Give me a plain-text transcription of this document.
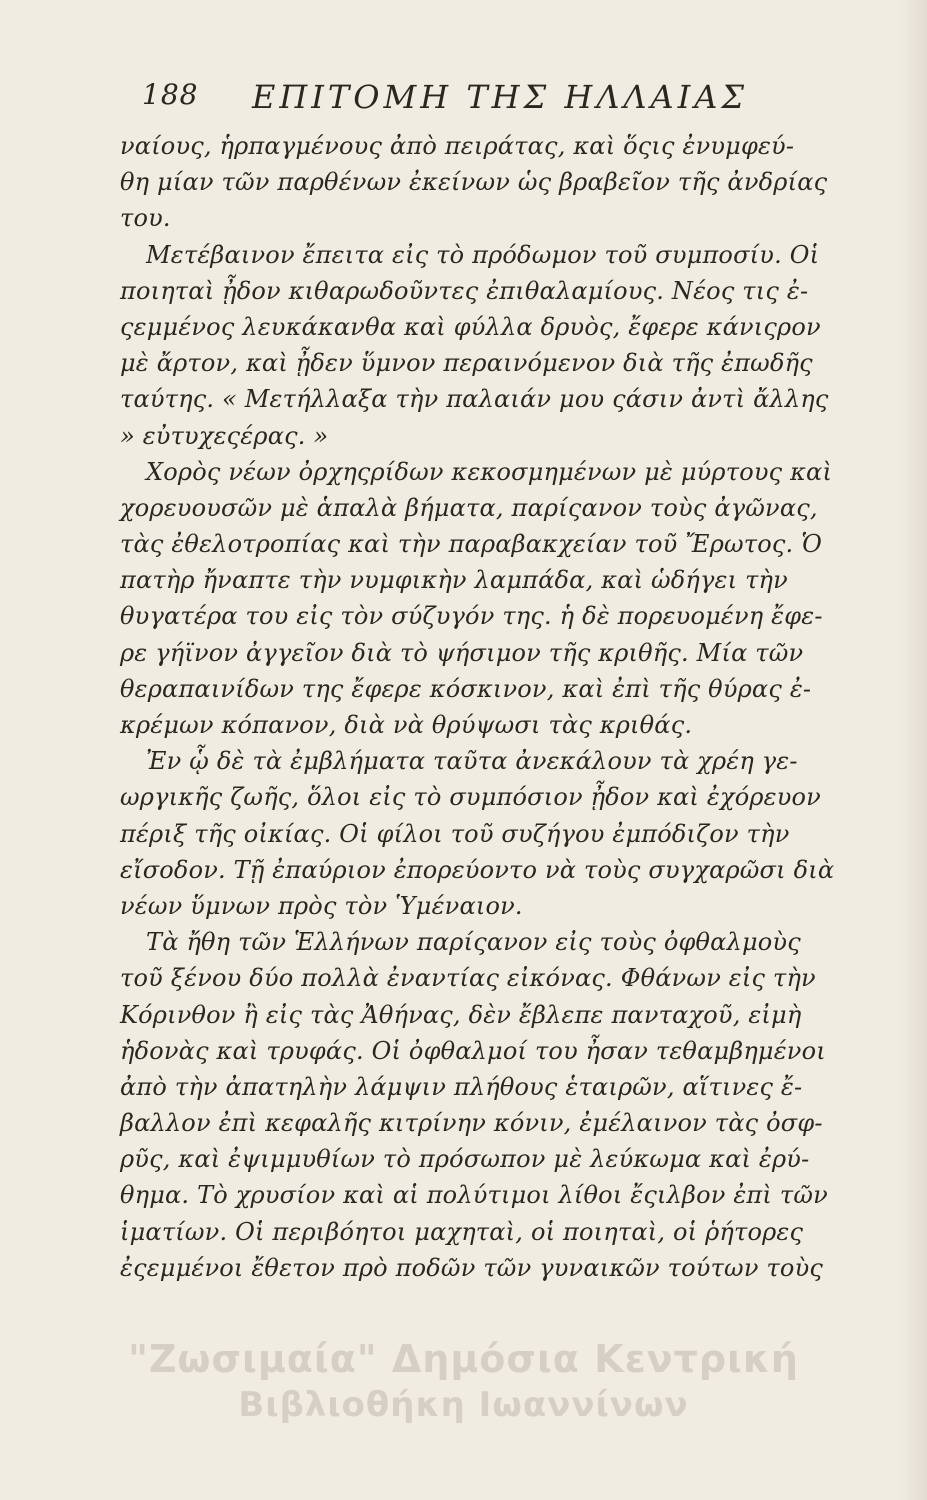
188 ΕΠΙΤΟΜΗ ΤΗΣ ΗΛΛΑΙΑΣ
ναίους, ἡρπαγμένους ἀπὸ πειράτας, καὶ ὅςις ἐνυμφεύ-
θη μίαν τῶν παρθένων ἐκείνων ὡς βραβεῖον τῆς ἀνδρίας
του.
Μετέβαινον ἔπειτα εἰς τὸ πρόδωμον τοῦ συμποσίυ. Οἱ
ποιηταὶ ᾖδον κιθαρωδοῦντες ἐπιθαλαμίους. Νέος τις ἐ-
ςεμμένος λευκάκανθα καὶ φύλλα δρυὸς, ἔφερε κάνιςρον
μὲ ἄρτον, καὶ ᾖδεν ὕμνον περαινόμενον διὰ τῆς ἐπωδῆς
ταύτης. « Μετήλλαξα τὴν παλαιάν μου ςάσιν ἀντὶ ἄλλης
» εὐτυχεςέρας. »
Χορὸς νέων ὀρχηςρίδων κεκοσμημένων μὲ μύρτους καὶ
χορευουσῶν μὲ ἁπαλὰ βήματα, παρίςανον τοὺς ἀγῶνας,
τὰς ἐθελοτροπίας καὶ τὴν παραβακχείαν τοῦ Ἔρωτος. Ὁ
πατὴρ ἤναπτε τὴν νυμφικὴν λαμπάδα, καὶ ὡδήγει τὴν
θυγατέρα του εἰς τὸν σύζυγόν της. ἡ δὲ πορευομένη ἔφε-
ρε γήϊνον ἀγγεῖον διὰ τὸ ψήσιμον τῆς κριθῆς. Μία τῶν
θεραπαινίδων της ἔφερε κόσκινον, καὶ ἐπὶ τῆς θύρας ἐ-
κρέμων κόπανον, διὰ νὰ θρύψωσι τὰς κριθάς.
Ἐν ᾧ δὲ τὰ ἐμβλήματα ταῦτα ἀνεκάλουν τὰ χρέη γε-
ωργικῆς ζωῆς, ὅλοι εἰς τὸ συμπόσιον ᾖδον καὶ ἐχόρευον
πέριξ τῆς οἰκίας. Οἱ φίλοι τοῦ συζήγου ἐμπόδιζον τὴν
εἴσοδον. Τῇ ἐπαύριον ἐπορεύοντο νὰ τοὺς συγχαρῶσι διὰ
νέων ὕμνων πρὸς τὸν Ὑμέναιον.
Τὰ ἤθη τῶν Ἑλλήνων παρίςανον εἰς τοὺς ὀφθαλμοὺς
τοῦ ξένου δύο πολλὰ ἐναντίας εἰκόνας. Φθάνων εἰς τὴν
Κόρινθον ἢ εἰς τὰς Ἀθήνας, δὲν ἔβλεπε πανταχοῦ, εἰμὴ
ἡδονὰς καὶ τρυφάς. Οἱ ὀφθαλμοί του ἦσαν τεθαμβημένοι
ἀπὸ τὴν ἀπατηλὴν λάμψιν πλήθους ἑταιρῶν, αἵτινες ἔ-
βαλλον ἐπὶ κεφαλῆς κιτρίνην κόνιν, ἐμέλαινον τὰς ὀσφ-
ρῦς, καὶ ἐψιμμυθίων τὸ πρόσωπον μὲ λεύκωμα καὶ ἐρύ-
θημα. Τὸ χρυσίον καὶ αἱ πολύτιμοι λίθοι ἔςιλβον ἐπὶ τῶν
ἱματίων. Οἱ περιβόητοι μαχηταὶ, οἱ ποιηταὶ, οἱ ῥήτορες
ἐςεμμένοι ἔθετον πρὸ ποδῶν τῶν γυναικῶν τούτων τοὺς
"Ζωσιμαία" Δημόσια Κεντρική
Βιβλιοθήκη Ιωαννίνων
